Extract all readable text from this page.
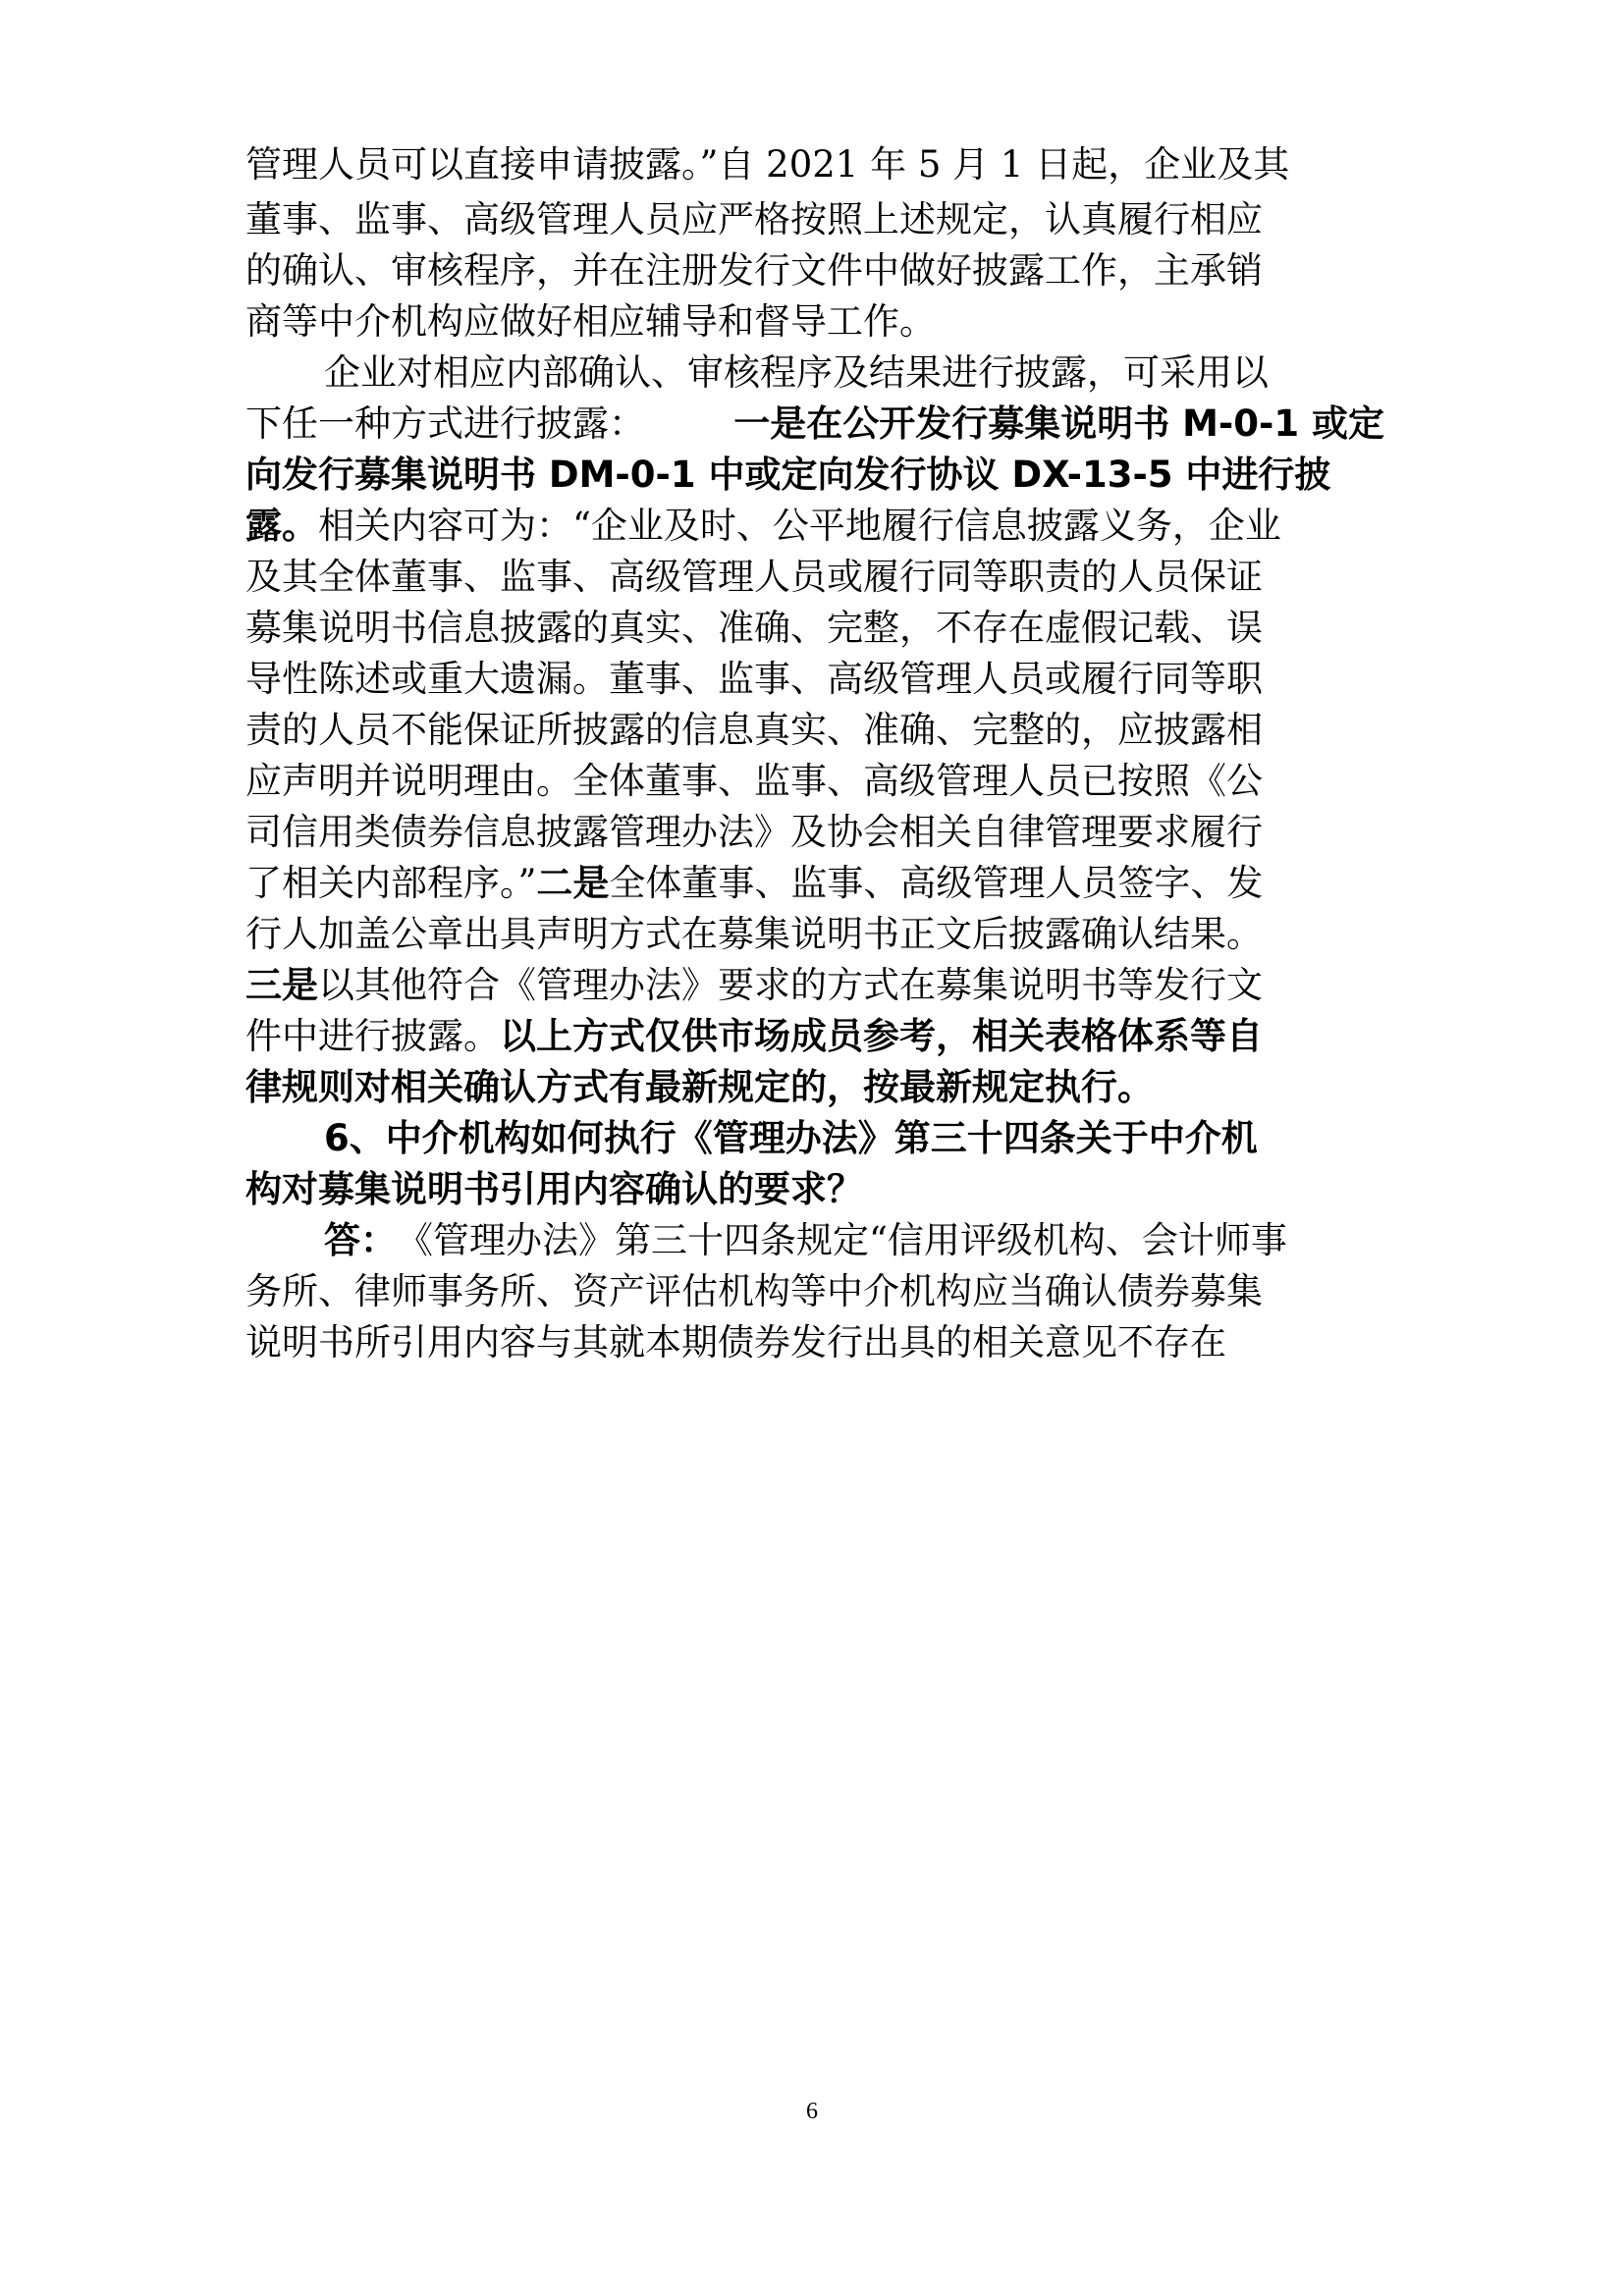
管理人员可以直接申请披露。”自 2021 年 5 月 1 日起，企业及其
董事、监事、高级管理人员应严格按照上述规定，认真履行相应
的确认、审核程序，并在注册发行文件中做好披露工作，主承销
商等中介机构应做好相应辅导和督导工作。
企业对相应内部确认、审核程序及结果进行披露，可采用以
下任一种方式进行披露： 一是在公开发行募集说明书 M-0-1 或定
向发行募集说明书 DM-0-1 中或定向发行协议 DX-13-5 中进行披
露。 相关内容可为：“企业及时、公平地履行信息披露义务，企业
及其全体董事、监事、高级管理人员或履行同等职责的人员保证
募集说明书信息披露的真实、准确、完整，不存在虚假记载、误
导性陈述或重大遗漏。董事、监事、高级管理人员或履行同等职
责的人员不能保证所披露的信息真实、准确、完整的，应披露相
应声明并说明理由。全体董事、监事、高级管理人员已按照《公
司信用类债券信息披露管理办法》及协会相关自律管理要求履行
了相关内部程序。” 二是 全体董事、监事、高级管理人员签字、发
行人加盖公章出具声明方式在募集说明书正文后披露确认结果。
三是 以其他符合《管理办法》要求的方式在募集说明书等发行文
件中进行披露。 以上方式仅供市场成员参考，相关表格体系等自
律规则对相关确认方式有最新规定的，按最新规定执行。
6、中介机构如何执行《管理办法》第三十四条关于中介机
构对募集说明书引用内容确认的要求？
答： 《管理办法》第三十四条规定“信用评级机构、会计师事
务所、律师事务所、资产评估机构等中介机构应当确认债券募集
说明书所引用内容与其就本期债券发行出具的相关意见不存在
6
